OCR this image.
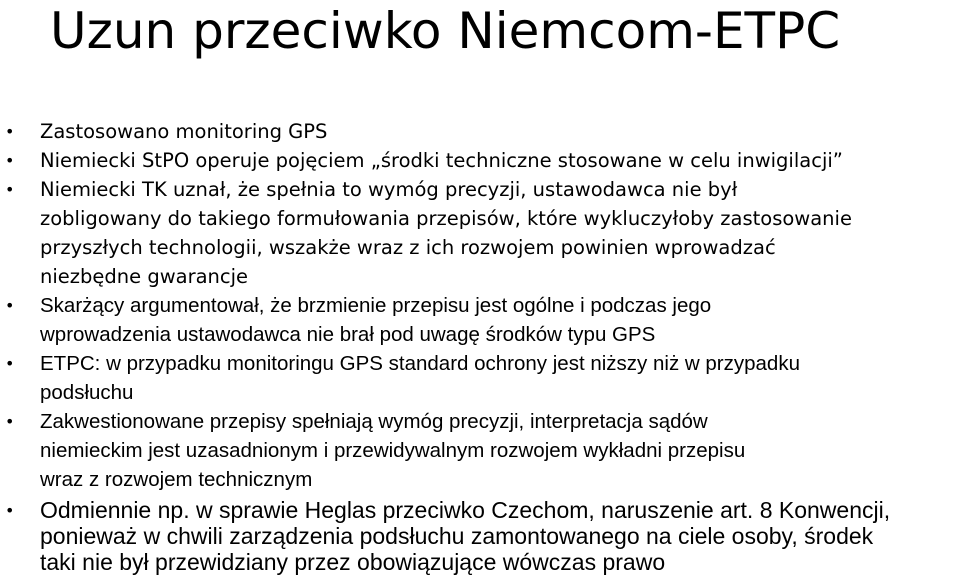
Uzun przeciwko Niemcom-ETPC
• Zastosowano monitoring GPS
• Niemiecki StPO operuje pojęciem „środki techniczne stosowane w celu inwigilacji”
• Niemiecki TK uznał, że spełnia to wymóg precyzji, ustawodawca nie był
zobligowany do takiego formułowania przepisów, które wykluczyłoby zastosowanie
przyszłych technologii, wszakże wraz z ich rozwojem powinien wprowadzać
niezbędne gwarancje
• Skarżący argumentował, że brzmienie przepisu jest ogólne i podczas jego
wprowadzenia ustawodawca nie brał pod uwagę środków typu GPS
• ETPC: w przypadku monitoringu GPS standard ochrony jest niższy niż w przypadku
podsłuchu
• Zakwestionowane przepisy spełniają wymóg precyzji, interpretacja sądów
niemieckim jest uzasadnionym i przewidywalnym rozwojem wykładni przepisu
wraz z rozwojem technicznym
• Odmiennie np. w sprawie Heglas przeciwko Czechom, naruszenie art. 8 Konwencji,
ponieważ w chwili zarządzenia podsłuchu zamontowanego na ciele osoby, środek
taki nie był przewidziany przez obowiązujące wówczas prawo
